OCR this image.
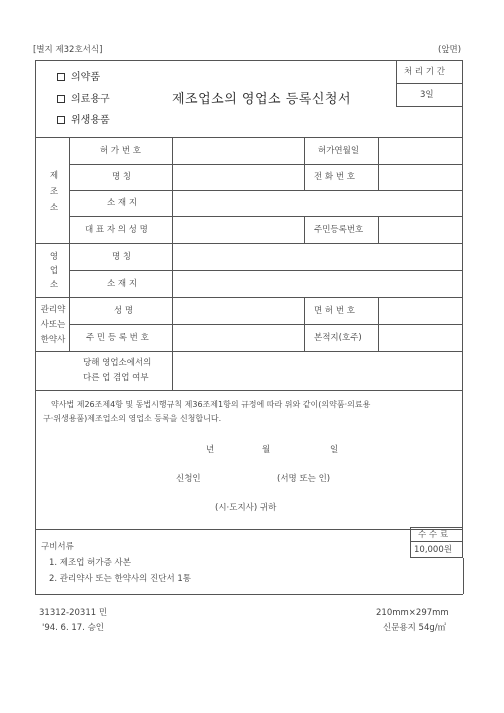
[별지 제32호서식]	(앞면)
의약품
의료용구
위생용품
제조업소의 영업소 등록신청서
처 리 기 간
3일
제
조
소
영
업
소
관리약
사또는
한약사
허 가 번 호	허가연월일
명 칭	전 화 번 호
소 재 지
대 표 자 의 성 명	주민등록번호
명 칭
소 재 지
성 명	면 허 번 호
주 민 등 록 번 호	본적지(호주)
당해 영업소에서의
다른 업 겸업 여부
약사법 제26조제4항 및 동법시행규칙 제36조제1항의 규정에 따라 위와 같이(의약품·의료용
구·위생용품)제조업소의 영업소 등록을 신청합니다.
년	월	일
신청인	(서명 또는 인)
(시·도지사) 귀하
수 수 료
10,000원
구비서류
1. 제조업 허가증 사본
2. 관리약사 또는 한약사의 진단서 1통
31312-20311 민	210mm×297mm
'94. 6. 17. 승인	신문용지 54g/㎡
